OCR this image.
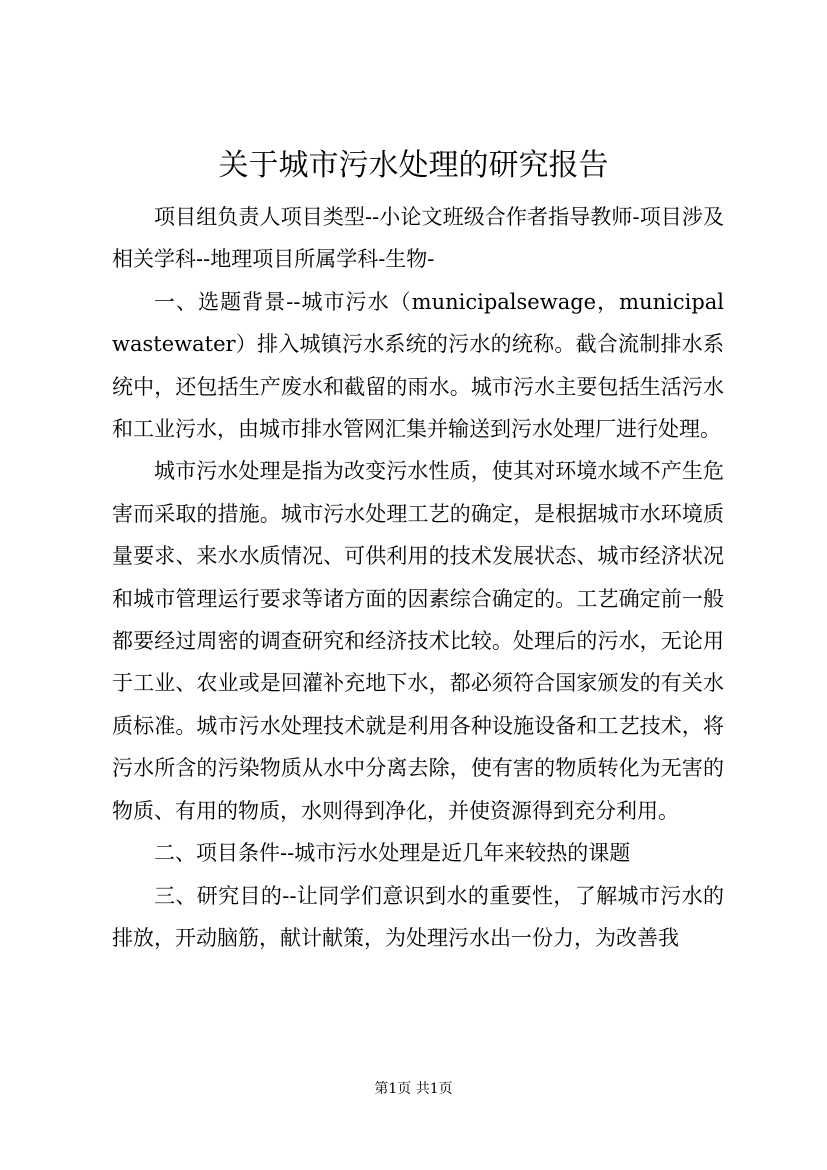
关于城市污水处理的研究报告

项目组负责人项目类型--小论文班级合作者指导教师-项目涉及相关学科--地理项目所属学科-生物-

一、选题背景--城市污水（municipalsewage，municipalwastewater）排入城镇污水系统的污水的统称。截合流制排水系统中，还包括生产废水和截留的雨水。城市污水主要包括生活污水和工业污水，由城市排水管网汇集并输送到污水处理厂进行处理。

城市污水处理是指为改变污水性质，使其对环境水域不产生危害而采取的措施。城市污水处理工艺的确定，是根据城市水环境质量要求、来水水质情况、可供利用的技术发展状态、城市经济状况和城市管理运行要求等诸方面的因素综合确定的。工艺确定前一般都要经过周密的调查研究和经济技术比较。处理后的污水，无论用于工业、农业或是回灌补充地下水，都必须符合国家颁发的有关水质标准。城市污水处理技术就是利用各种设施设备和工艺技术，将污水所含的污染物质从水中分离去除，使有害的物质转化为无害的物质、有用的物质，水则得到净化，并使资源得到充分利用。

二、项目条件--城市污水处理是近几年来较热的课题

三、研究目的--让同学们意识到水的重要性，了解城市污水的排放，开动脑筋，献计献策，为处理污水出一份力，为改善我

第1页 共1页
